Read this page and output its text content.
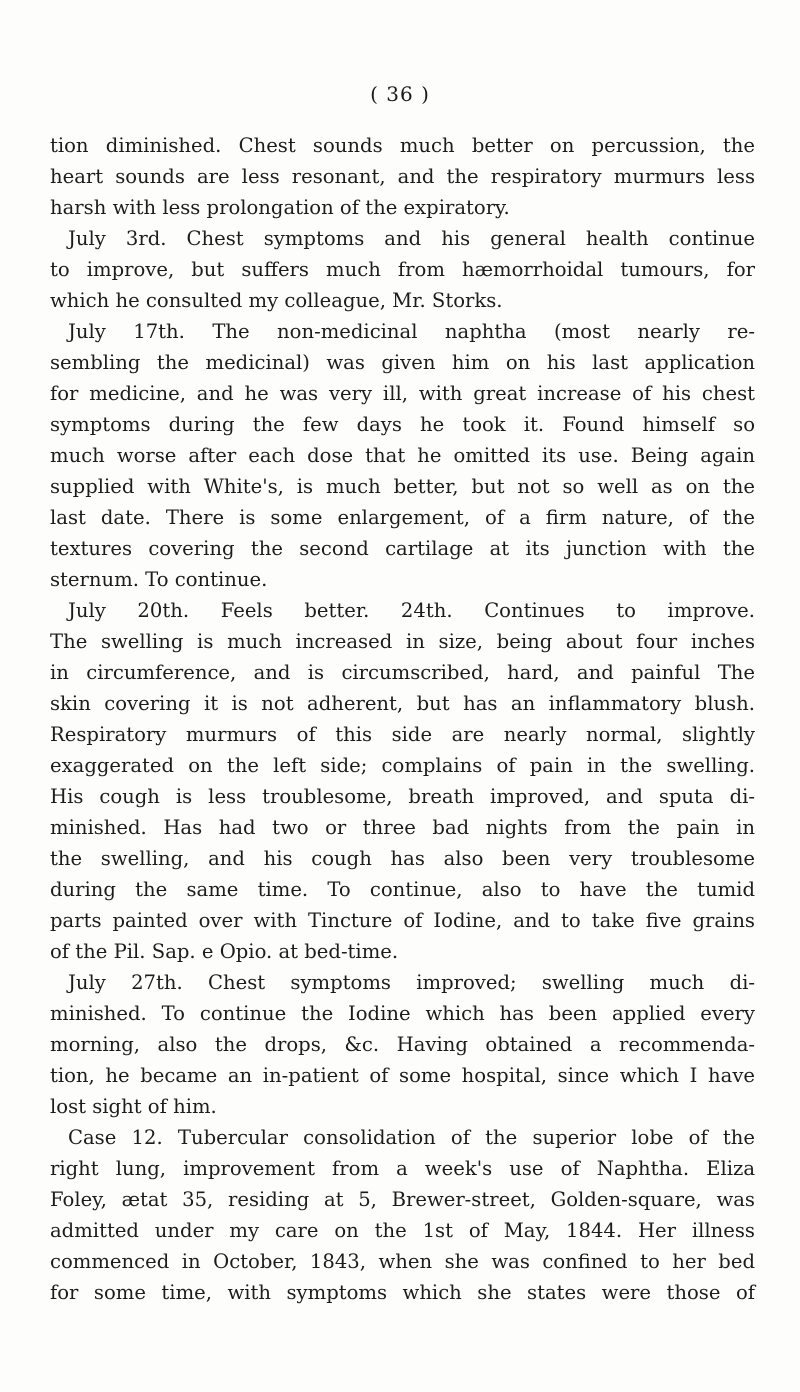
( 36 )
tion diminished. Chest sounds much better on percussion, the
heart sounds are less resonant, and the respiratory murmurs less
harsh with less prolongation of the expiratory.
July 3rd. Chest symptoms and his general health continue
to improve, but suffers much from hæmorrhoidal tumours, for
which he consulted my colleague, Mr. Storks.
July 17th. The non-medicinal naphtha (most nearly re-
sembling the medicinal) was given him on his last application
for medicine, and he was very ill, with great increase of his chest
symptoms during the few days he took it. Found himself so
much worse after each dose that he omitted its use. Being again
supplied with White's, is much better, but not so well as on the
last date. There is some enlargement, of a firm nature, of the
textures covering the second cartilage at its junction with the
sternum. To continue.
July 20th. Feels better. 24th. Continues to improve.
The swelling is much increased in size, being about four inches
in circumference, and is circumscribed, hard, and painful The
skin covering it is not adherent, but has an inflammatory blush.
Respiratory murmurs of this side are nearly normal, slightly
exaggerated on the left side; complains of pain in the swelling.
His cough is less troublesome, breath improved, and sputa di-
minished. Has had two or three bad nights from the pain in
the swelling, and his cough has also been very troublesome
during the same time. To continue, also to have the tumid
parts painted over with Tincture of Iodine, and to take five grains
of the Pil. Sap. e Opio. at bed-time.
July 27th. Chest symptoms improved; swelling much di-
minished. To continue the Iodine which has been applied every
morning, also the drops, &c. Having obtained a recommenda-
tion, he became an in-patient of some hospital, since which I have
lost sight of him.
Case 12. Tubercular consolidation of the superior lobe of the
right lung, improvement from a week's use of Naphtha. Eliza
Foley, ætat 35, residing at 5, Brewer-street, Golden-square, was
admitted under my care on the 1st of May, 1844. Her illness
commenced in October, 1843, when she was confined to her bed
for some time, with symptoms which she states were those of
